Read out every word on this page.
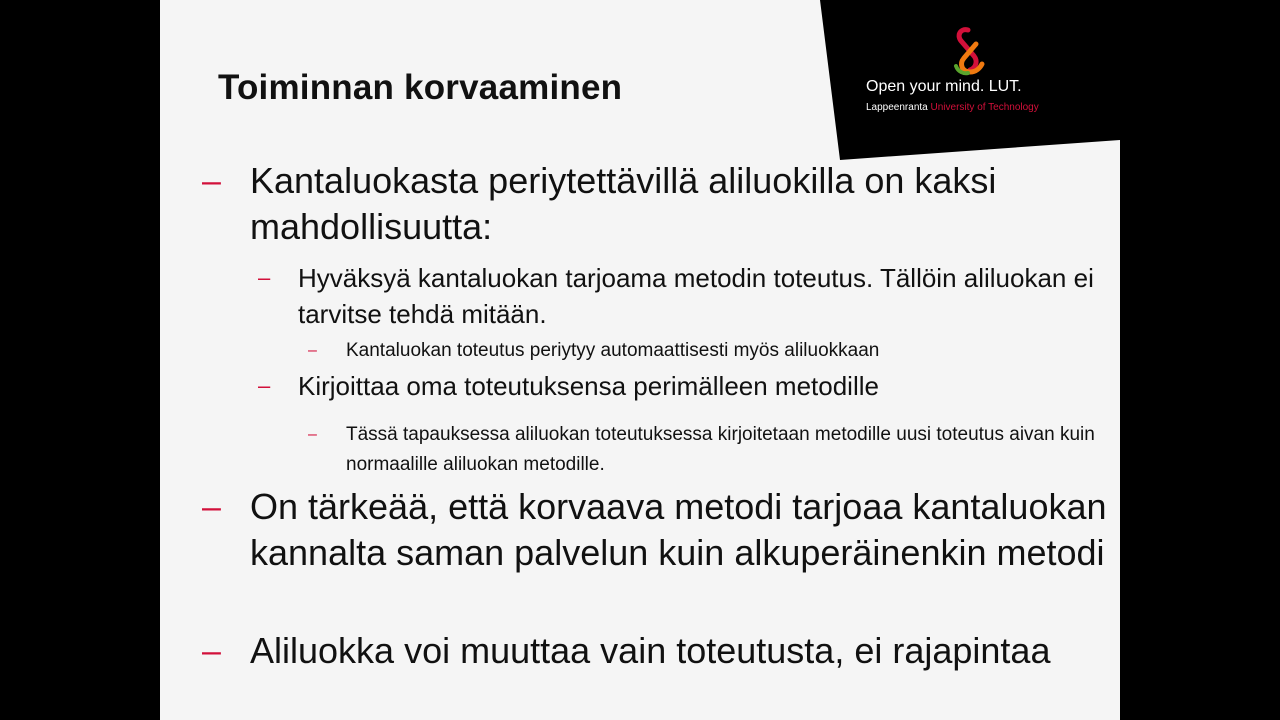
Toiminnan korvaaminen	Open your mind. LUT.
Lappeenranta University of Technology
– Kantaluokasta periytettävillä aliluokilla on kaksi mahdollisuutta:
– Hyväksyä kantaluokan tarjoama metodin toteutus. Tällöin aliluokan ei tarvitse tehdä mitään.
– Kantaluokan toteutus periytyy automaattisesti myös aliluokkaan
– Kirjoittaa oma toteutuksensa perimälleen metodille
– Tässä tapauksessa aliluokan toteutuksessa kirjoitetaan metodille uusi toteutus aivan kuin normaalille aliluokan metodille.
– On tärkeää, että korvaava metodi tarjoaa kantaluokan kannalta saman palvelun kuin alkuperäinenkin metodi
– Aliluokka voi muuttaa vain toteutusta, ei rajapintaa
